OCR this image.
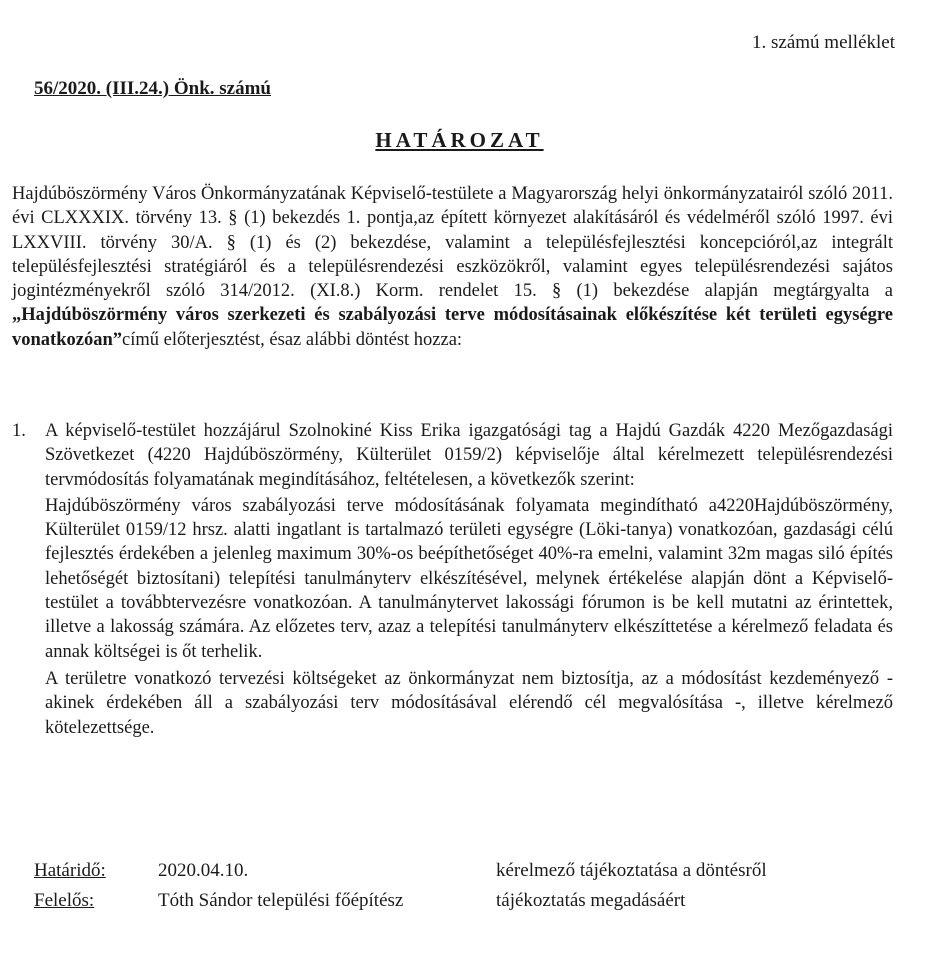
1. számú melléklet
56/2020. (III.24.) Önk. számú
HATÁROZAT
Hajdúböszörmény Város Önkormányzatának Képviselő-testülete a Magyarország helyi önkormányzatairól szóló 2011. évi CLXXXIX. törvény 13. § (1) bekezdés 1. pontja,az épített környezet alakításáról és védelméről szóló 1997. évi LXXVIII. törvény 30/A. § (1) és (2) bekezdése, valamint a településfejlesztési koncepcióról,az integrált településfejlesztési stratégiáról és a településrendezési eszközökről, valamint egyes településrendezési sajátos jogintézményekről szóló 314/2012. (XI.8.) Korm. rendelet 15. § (1) bekezdése alapján megtárgyalta a „Hajdúböszörmény város szerkezeti és szabályozási terve módosításainak előkészítése két területi egységre vonatkozóan”című előterjesztést, ésaz alábbi döntést hozza:
1. A képviselő-testület hozzájárul Szolnokiné Kiss Erika igazgatósági tag a Hajdú Gazdák 4220 Mezőgazdasági Szövetkezet (4220 Hajdúböszörmény, Külterület 0159/2) képviselője által kérelmezett településrendezési tervmódosítás folyamatának megindításához, feltételesen, a következők szerint:

Hajdúböszörmény város szabályozási terve módosításának folyamata megindítható a4220Hajdúböszörmény, Külterület 0159/12 hrsz. alatti ingatlant is tartalmazó területi egységre (Löki-tanya) vonatkozóan, gazdasági célú fejlesztés érdekében a jelenleg maximum 30%-os beépíthetőséget 40%-ra emelni, valamint 32m magas siló építés lehetőségét biztosítani) telepítési tanulmányterv elkészítésével, melynek értékelése alapján dönt a Képviselő-testület a továbbtervezésre vonatkozóan. A tanulmánytervet lakossági fórumon is be kell mutatni az érintettek, illetve a lakosság számára. Az előzetes terv, azaz a telepítési tanulmányterv elkészíttetése a kérelmező feladata és annak költségei is őt terhelik.

A területre vonatkozó tervezési költségeket az önkormányzat nem biztosítja, az a módosítást kezdeményező - akinek érdekében áll a szabályozási terv módosításával elérendő cél megvalósítása -, illetve kérelmező kötelezettsége.

Határidő:	2020.04.10.	kérelmező tájékoztatása a döntésről
Felelős:	Tóth Sándor települési főépítész	tájékoztatás megadásáért
